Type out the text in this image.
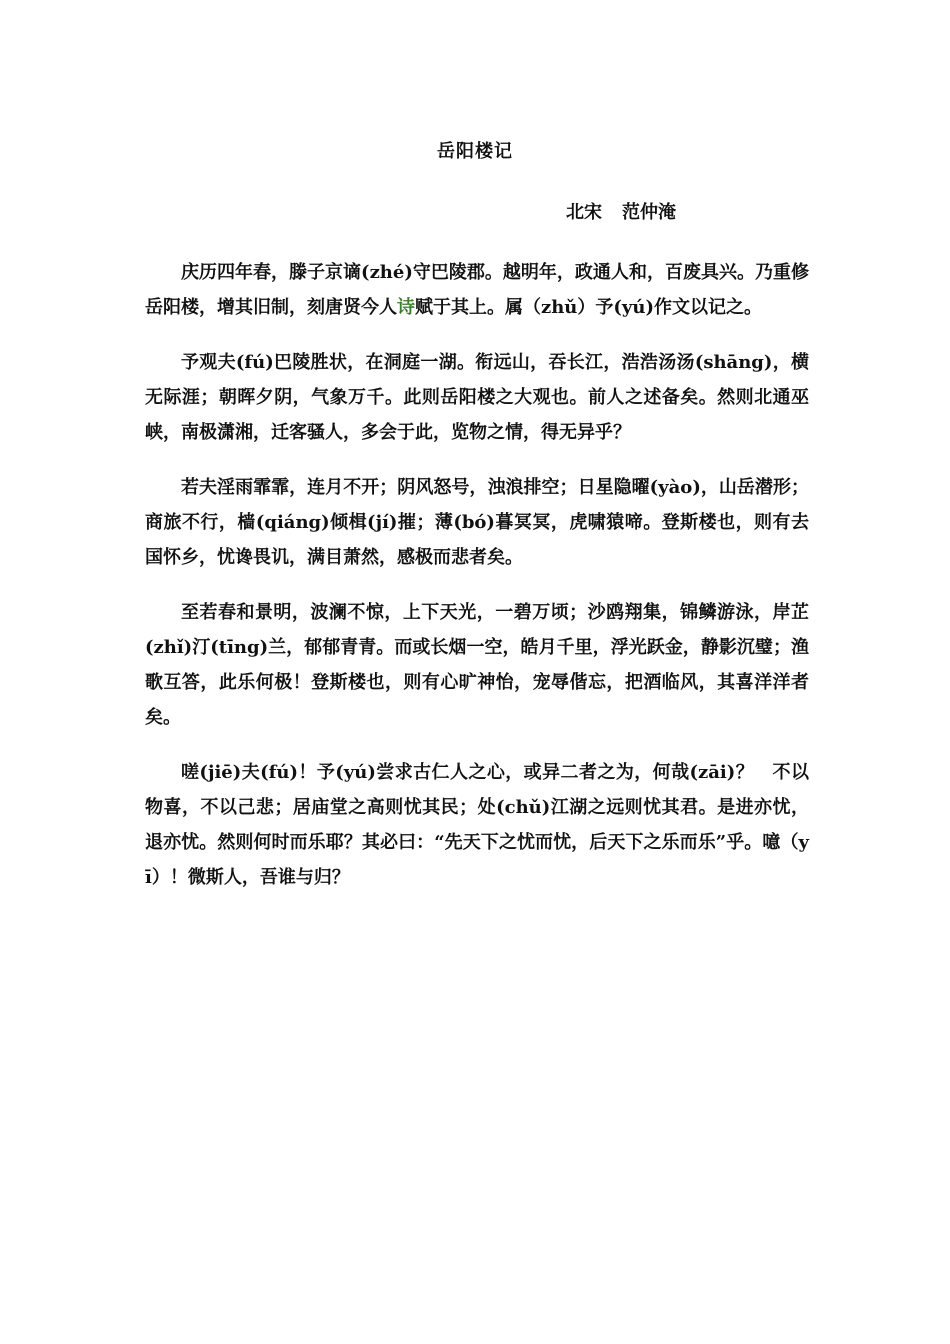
岳阳楼记
北宋 范仲淹

庆历四年春，滕子京谪(zhé)守巴陵郡。越明年，政通人和，百废具兴。乃重修岳阳楼，增其旧制，刻唐贤今人诗赋于其上。属（zhǔ）予(yú)作文以记之。

予观夫(fú)巴陵胜状，在洞庭一湖。衔远山，吞长江，浩浩汤汤(shāng)，横无际涯；朝晖夕阴，气象万千。此则岳阳楼之大观也。前人之述备矣。然则北通巫峡，南极潇湘，迁客骚人，多会于此，览物之情，得无异乎？

若夫淫雨霏霏，连月不开；阴风怒号，浊浪排空；日星隐曜(yào)，山岳潜形；商旅不行，樯(qiáng)倾楫(jí)摧；薄(bó)暮冥冥，虎啸猿啼。登斯楼也，则有去国怀乡，忧谗畏讥，满目萧然，感极而悲者矣。

至若春和景明，波澜不惊，上下天光，一碧万顷；沙鸥翔集，锦鳞游泳，岸芷(zhǐ)汀(tīng)兰，郁郁青青。而或长烟一空，皓月千里，浮光跃金，静影沉璧；渔歌互答，此乐何极！登斯楼也，则有心旷神怡，宠辱偕忘，把酒临风，其喜洋洋者矣。

嗟(jiē)夫(fú)！予(yú)尝求古仁人之心，或异二者之为，何哉(zāi)？　不以物喜，不以己悲；居庙堂之高则忧其民；处(chǔ)江湖之远则忧其君。是进亦忧，退亦忧。然则何时而乐耶？其必曰：“先天下之忧而忧，后天下之乐而乐”乎。噫（yī）！微斯人，吾谁与归？
